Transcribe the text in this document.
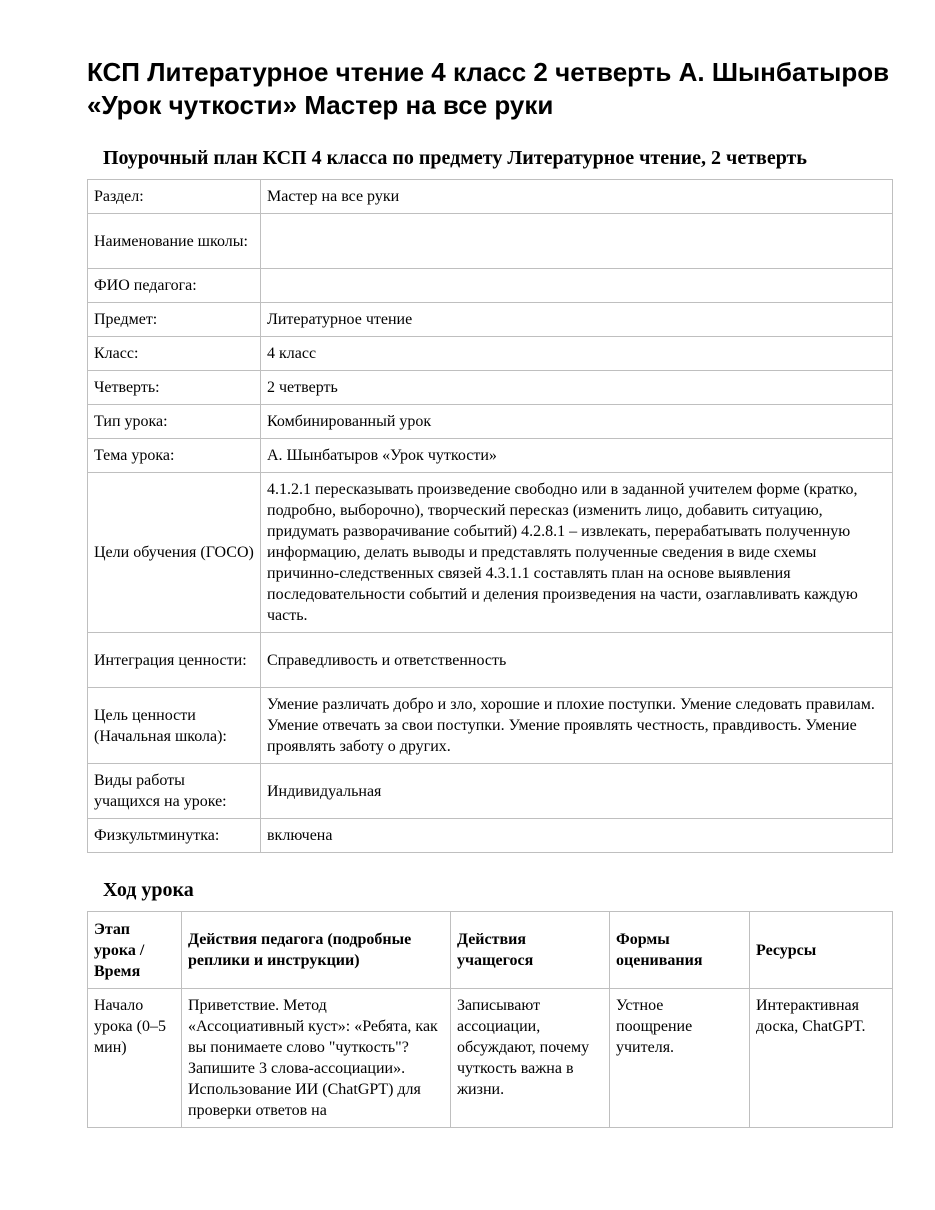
КСП Литературное чтение 4 класс 2 четверть А. Шынбатыров «Урок чуткости» Мастер на все руки
Поурочный план КСП 4 класса по предмету Литературное чтение, 2 четверть
Раздел:	Мастер на все руки
Наименование школы:	
ФИО педагога:	
Предмет:	Литературное чтение
Класс:	4 класс
Четверть:	2 четверть
Тип урока:	Комбинированный урок
Тема урока:	А. Шынбатыров «Урок чуткости»
Цели обучения (ГОСО)	4.1.2.1 пересказывать произведение свободно или в заданной учителем форме (кратко, подробно, выборочно), творческий пересказ (изменить лицо, добавить ситуацию, придумать разворачивание событий) 4.2.8.1 – извлекать, перерабатывать полученную информацию, делать выводы и представлять полученные сведения в виде схемы причинно-следственных связей 4.3.1.1 составлять план на основе выявления последовательности событий и деления произведения на части, озаглавливать каждую часть.
Интеграция ценности:	Справедливость и ответственность
Цель ценности (Начальная школа):	Умение различать добро и зло, хорошие и плохие поступки. Умение следовать правилам. Умение отвечать за свои поступки. Умение проявлять честность, правдивость. Умение проявлять заботу о других.
Виды работы учащихся на уроке:	Индивидуальная
Физкультминутка:	включена
Ход урока
Этап урока / Время	Действия педагога (подробные реплики и инструкции)	Действия учащегося	Формы оценивания	Ресурсы
Начало урока (0–5 мин)	Приветствие. Метод «Ассоциативный куст»: «Ребята, как вы понимаете слово "чуткость"? Запишите 3 слова-ассоциации». Использование ИИ (ChatGPT) для проверки ответов на	Записывают ассоциации, обсуждают, почему чуткость важна в жизни.	Устное поощрение учителя.	Интерактивная доска, ChatGPT.
